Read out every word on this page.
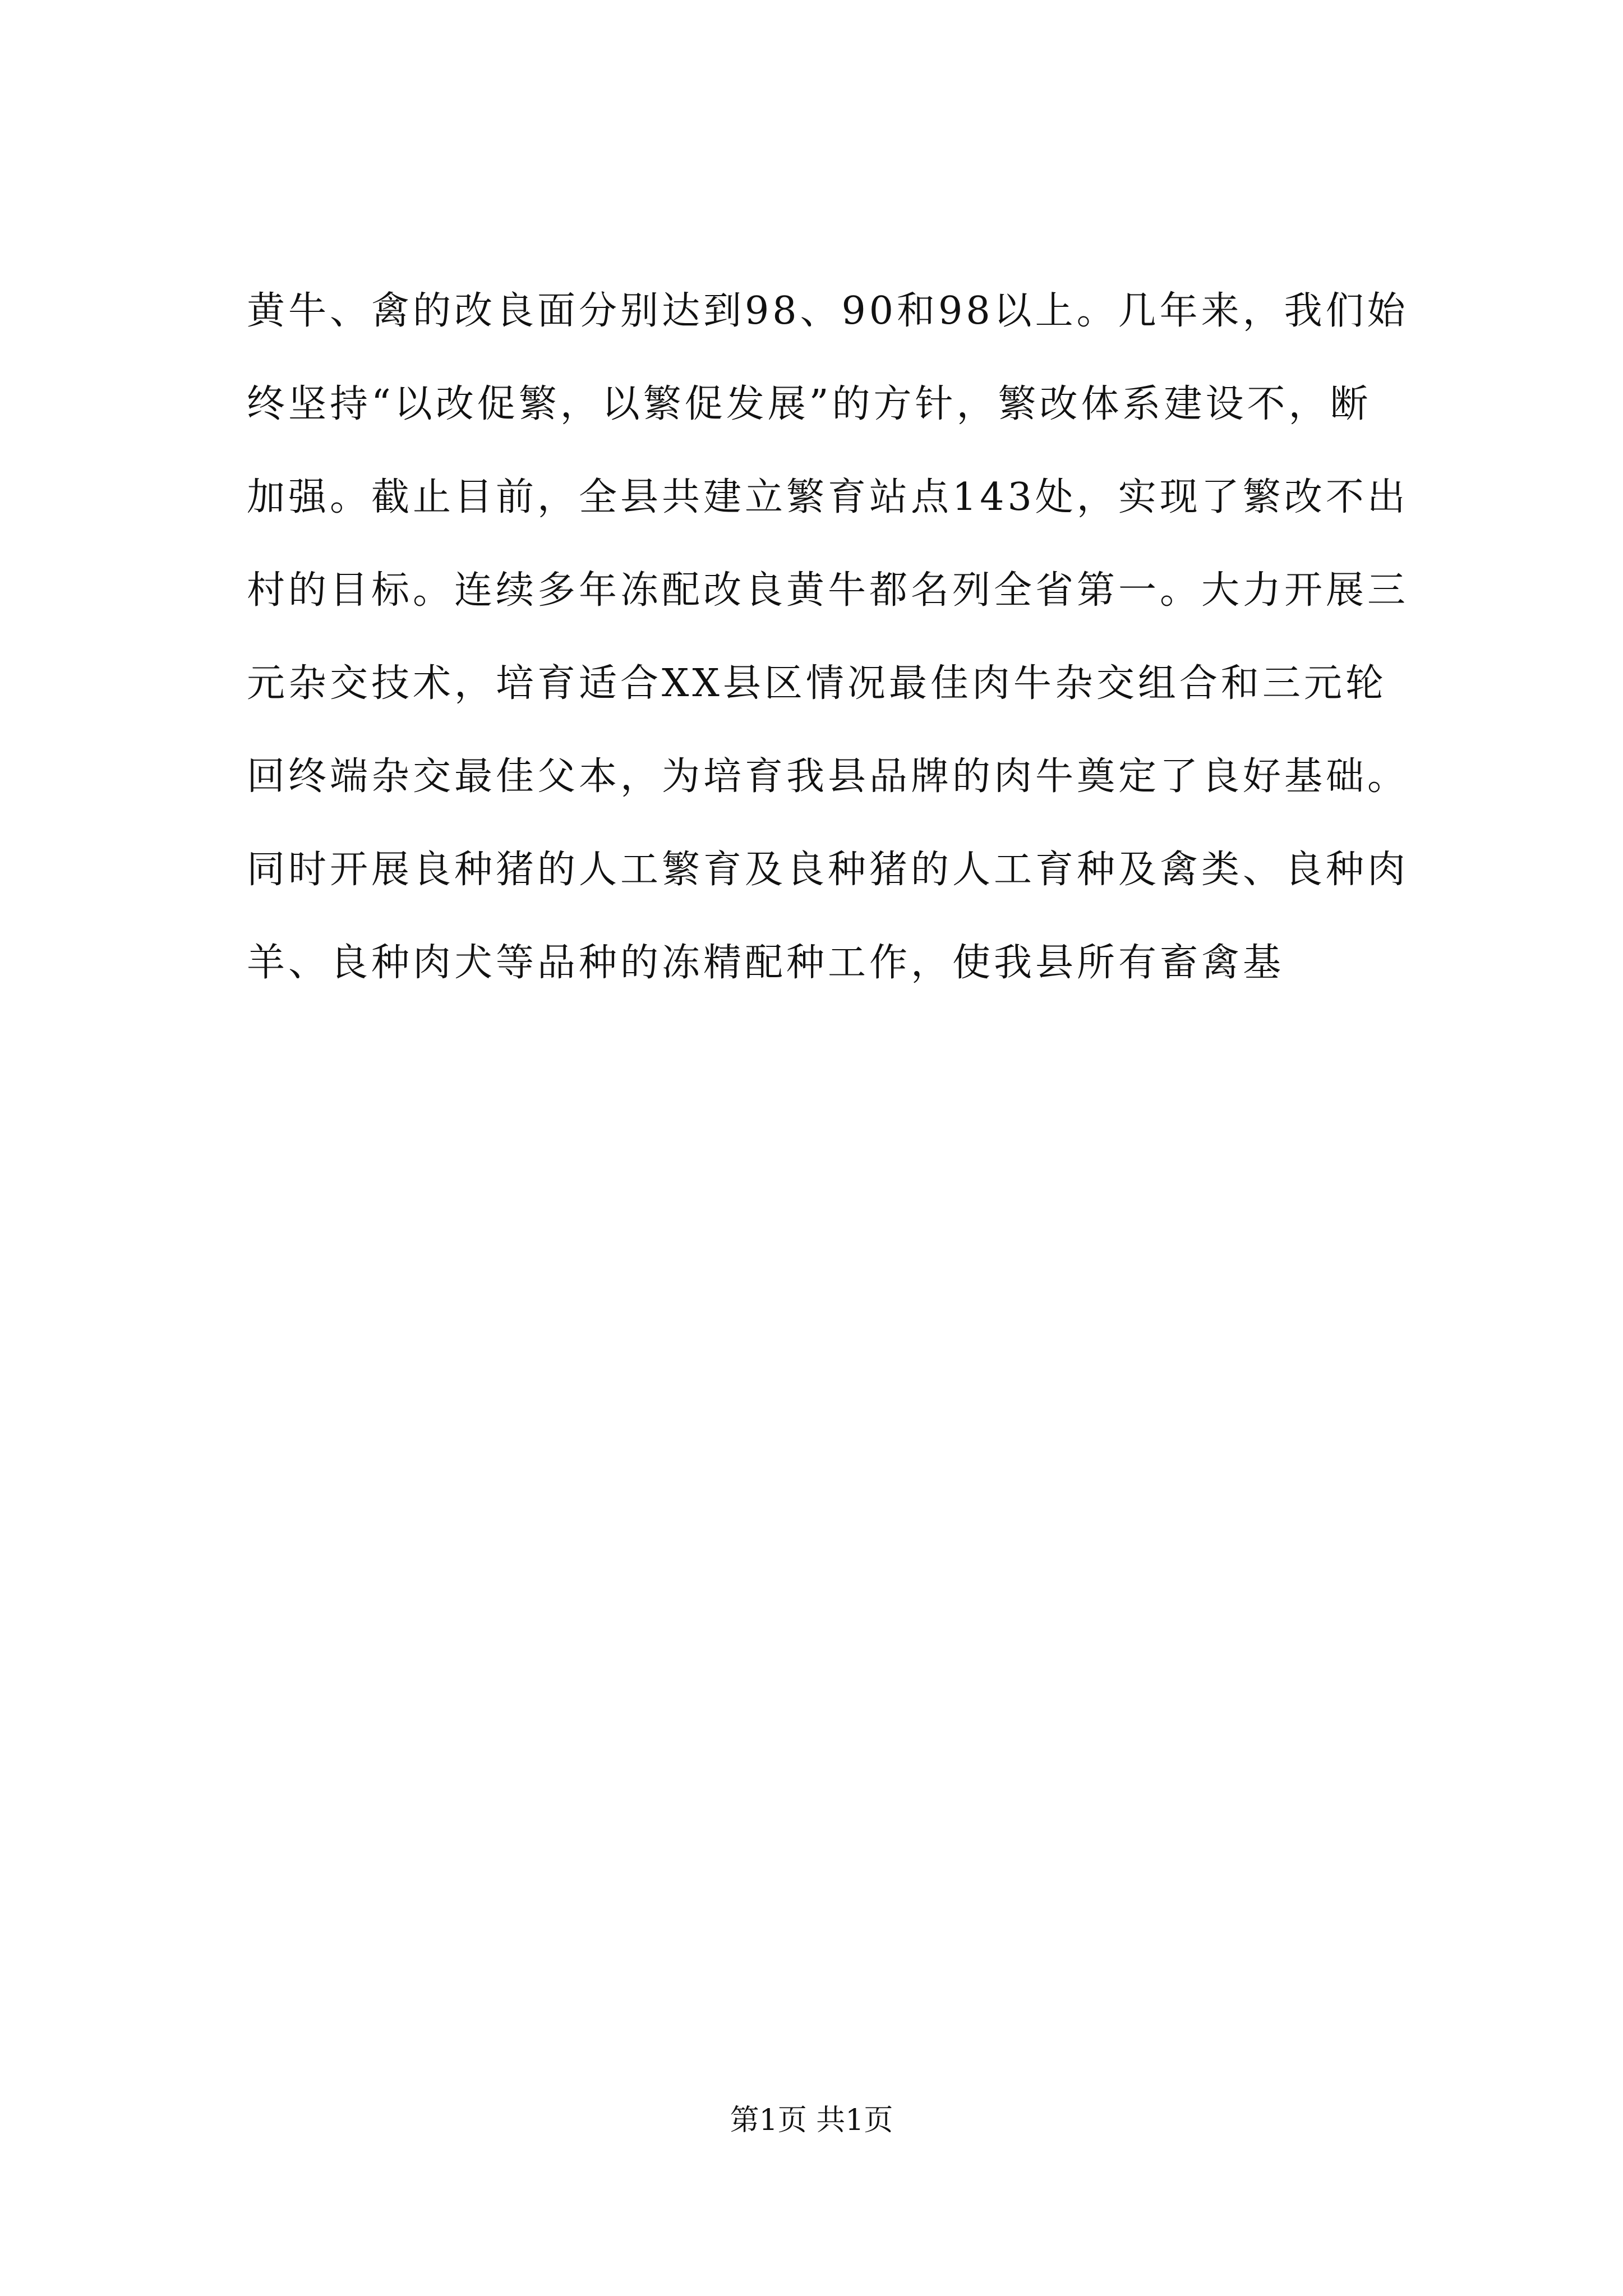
黄牛、禽的改良面分别达到98、90和98以上。几年来，我们始
终坚持“以改促繁，以繁促发展”的方针，繁改体系建设不，断
加强。截止目前，全县共建立繁育站点143处，实现了繁改不出
村的目标。连续多年冻配改良黄牛都名列全省第一。大力开展三
元杂交技术，培育适合XX县区情况最佳肉牛杂交组合和三元轮
回终端杂交最佳父本，为培育我县品牌的肉牛奠定了良好基础。
同时开展良种猪的人工繁育及良种猪的人工育种及禽类、良种肉
羊、良种肉犬等品种的冻精配种工作，使我县所有畜禽基
第1页 共1页
